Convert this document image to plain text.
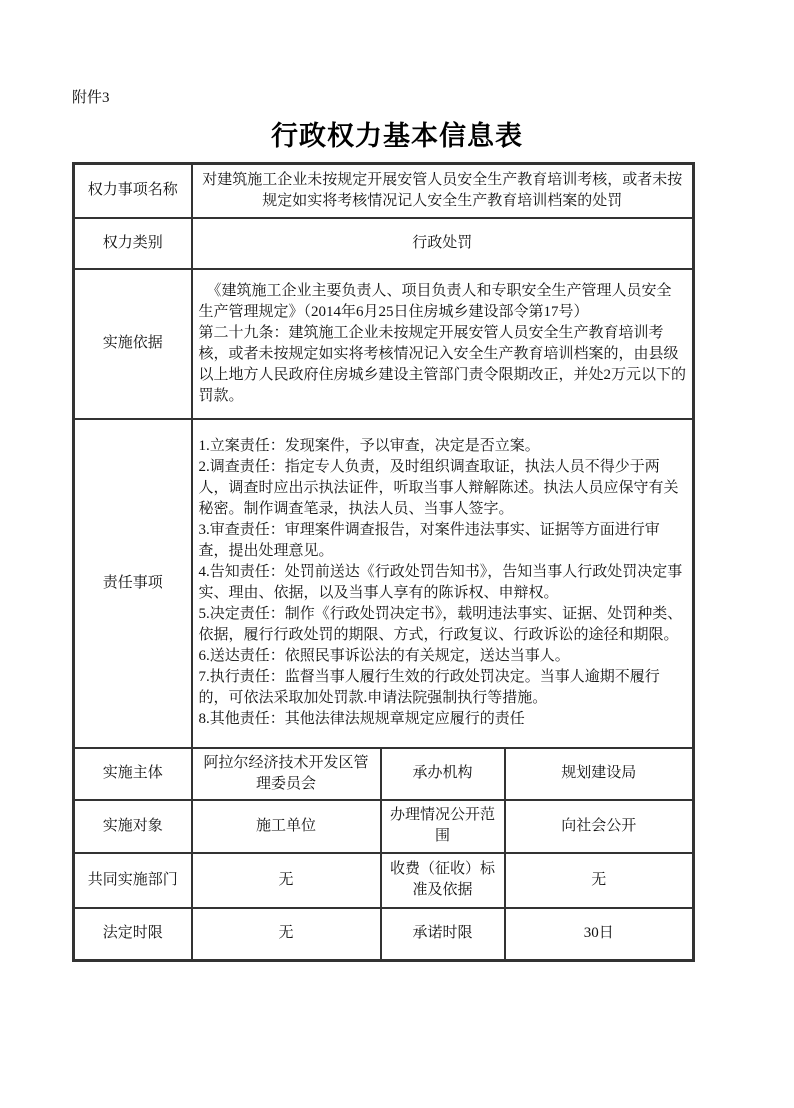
附件3
行政权力基本信息表
权力事项名称	对建筑施工企业未按规定开展安管人员安全生产教育培训考核，或者未按规定如实将考核情况记人安全生产教育培训档案的处罚		
权力类别	行政处罚		
实施依据	《建筑施工企业主要负责人、项目负责人和专职安全生产管理人员安全生产管理规定》（2014年6月25日住房城乡建设部令第17号）

第二十九条：建筑施工企业未按规定开展安管人员安全生产教育培训考核，或者未按规定如实将考核情况记入安全生产教育培训档案的，由县级以上地方人民政府住房城乡建设主管部门责令限期改正，并处2万元以下的罚款。		

责任事项	

1.立案责任：发现案件，予以审查，决定是否立案。

2.调查责任：指定专人负责，及时组织调查取证，执法人员不得少于两人，调查时应出示执法证件，听取当事人辩解陈述。执法人员应保守有关秘密。制作调查笔录，执法人员、当事人签字。

3.审查责任：审理案件调查报告，对案件违法事实、证据等方面进行审查，提出处理意见。

4.告知责任：处罚前送达《行政处罚告知书》，告知当事人行政处罚决定事实、理由、依据，以及当事人享有的陈诉权、申辩权。

5.决定责任：制作《行政处罚决定书》，载明违法事实、证据、处罚种类、依据，履行行政处罚的期限、方式，行政复议、行政诉讼的途径和期限。

6.送达责任：依照民事诉讼法的有关规定，送达当事人。

7.执行责任：监督当事人履行生效的行政处罚决定。当事人逾期不履行的，可依法采取加处罚款.申请法院强制执行等措施。

8.其他责任：其他法律法规规章规定应履行的责任

实施主体	阿拉尔经济技术开发区管理委员会	承办机构	规划建设局
实施对象	施工单位	办理情况公开范围	向社会公开
共同实施部门	无	收费（征收）标准及依据	无
法定时限	无	承诺时限	30日
